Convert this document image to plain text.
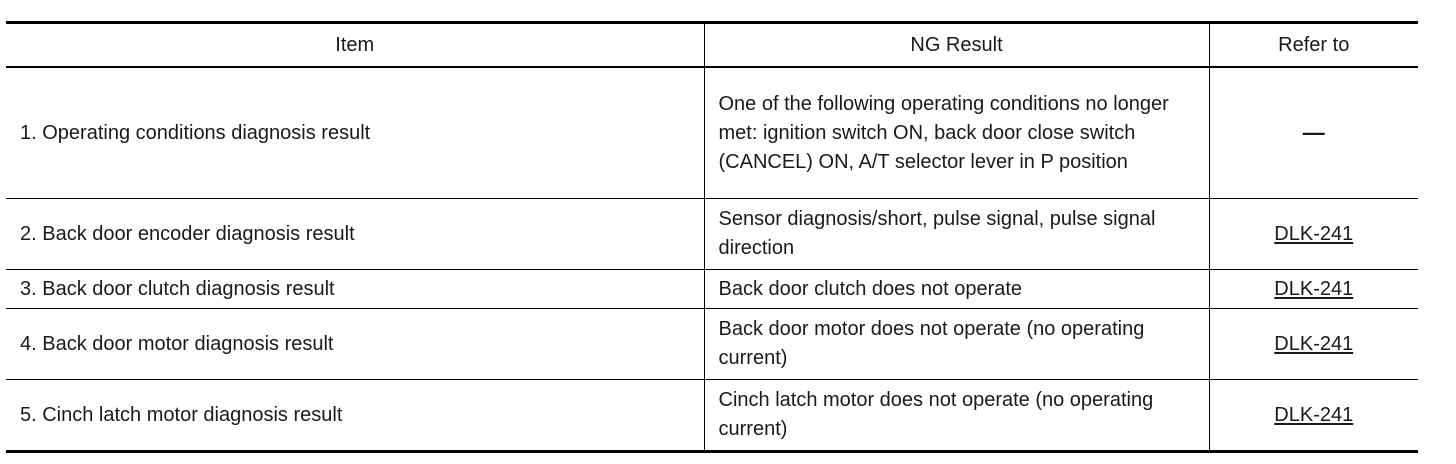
Item	NG Result	Refer to
1. Operating conditions diagnosis result	One of the following operating conditions no longer met: ignition switch ON, back door close switch (CANCEL) ON, A/T selector lever in P position	—
2. Back door encoder diagnosis result	Sensor diagnosis/short, pulse signal, pulse signal direction	DLK-241
3. Back door clutch diagnosis result	Back door clutch does not operate	DLK-241
4. Back door motor diagnosis result	Back door motor does not operate (no operating current)	DLK-241
5. Cinch latch motor diagnosis result	Cinch latch motor does not operate (no operating current)	DLK-241
